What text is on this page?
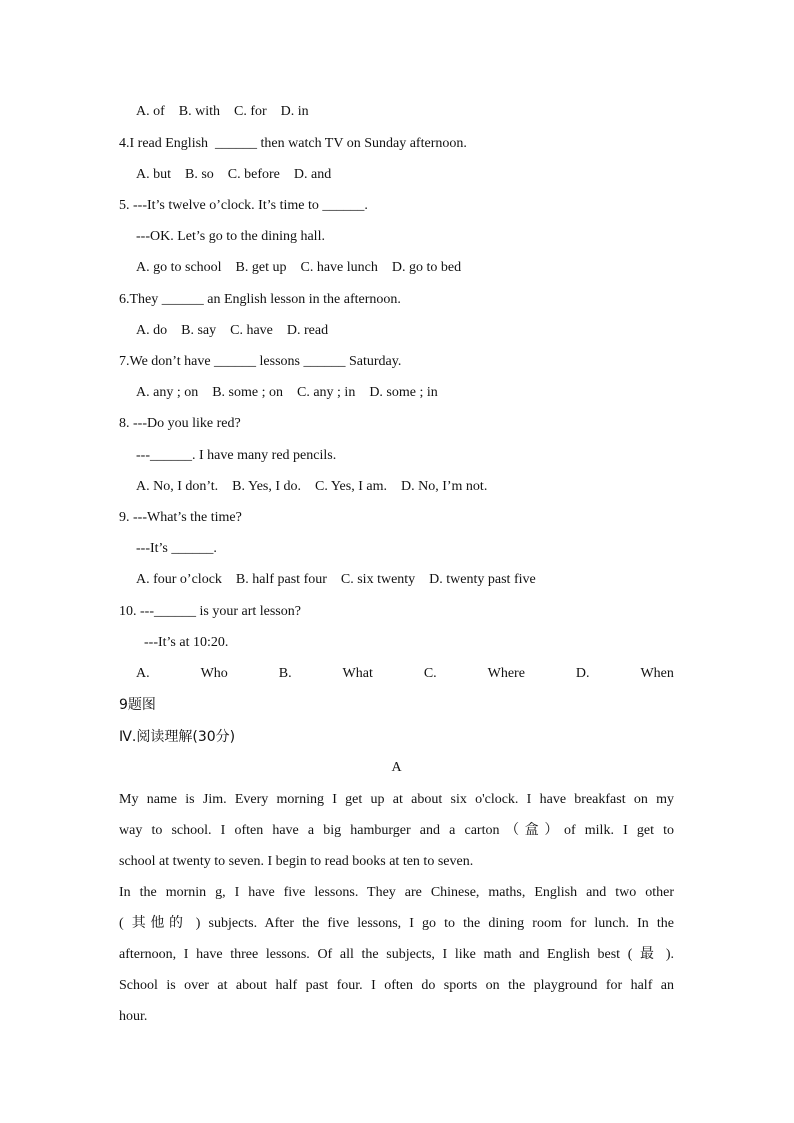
A. of    B. with    C. for    D. in
4.I read English  ______ then watch TV on Sunday afternoon.
A. but    B. so    C. before    D. and
5. ---It’s twelve o’clock. It’s time to ______.
---OK. Let’s go to the dining hall.
A. go to school    B. get up    C. have lunch    D. go to bed
6.They ______ an English lesson in the afternoon.
A. do    B. say    C. have    D. read
7.We don’t have ______ lessons ______ Saturday.
A. any ; on    B. some ; on    C. any ; in    D. some ; in
8. ---Do you like red?
---______. I have many red pencils.
A. No, I don’t.    B. Yes, I do.    C. Yes, I am.    D. No, I’m not.
9. ---What’s the time?
---It’s ______.
A. four o’clock    B. half past four    C. six twenty    D. twenty past five
10. ---______ is your art lesson?
---It’s at 10:20.
A.	Who	B.	What	C.	Where	D.	When
9题图
Ⅳ.阅读理解(30分)
A
My name is Jim. Every morning I get up at about six o'clock. I have breakfast on my
way to school. I often have a big hamburger and a carton（盒）of milk. I get to
school at twenty to seven. I begin to read books at ten to seven.
In the mornin g, I have five lessons. They are Chinese, maths, English and two other
( 其他的 ) subjects. After the five lessons, I go to the dining room for lunch. In the
afternoon, I have three lessons. Of all the subjects, I like math and English best ( 最 ).
School is over at about half past four. I often do sports on the playground for half an
hour.
